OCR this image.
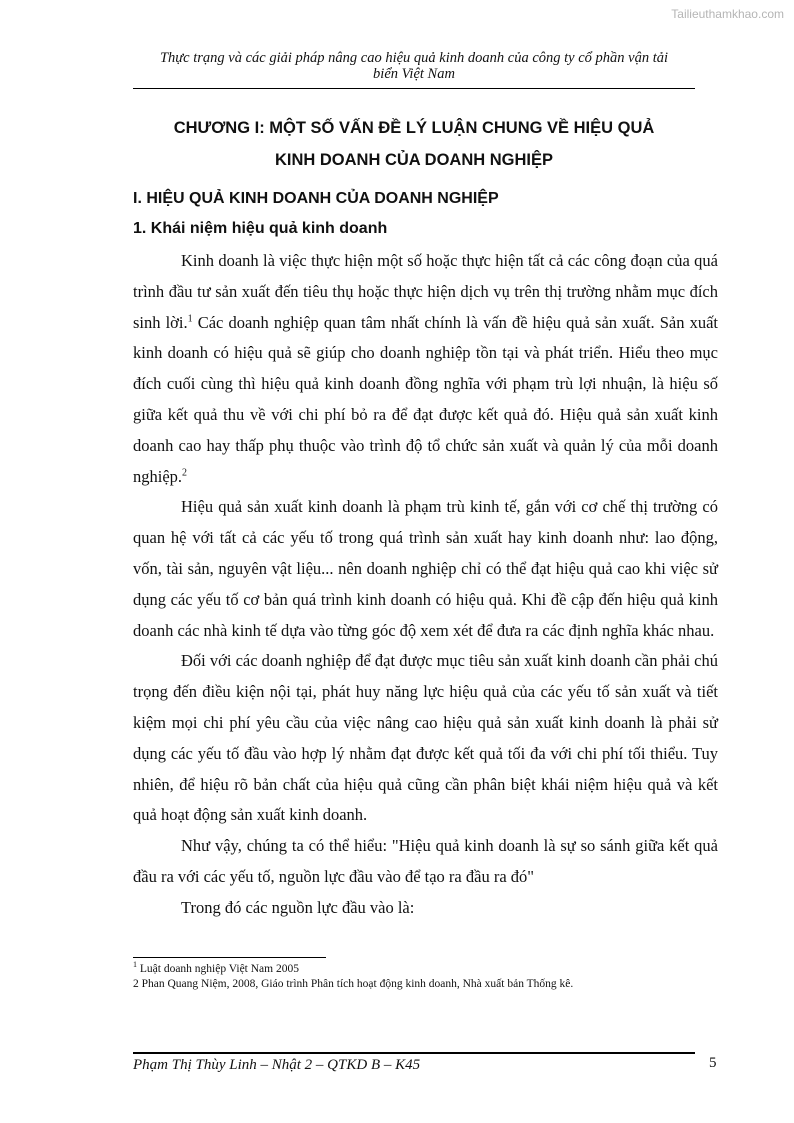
Tailieuthamkhao.com
Thực trạng và các giải pháp nâng cao hiệu quả kinh doanh của công ty cổ phần vận tải
biển Việt Nam
CHƯƠNG I: MỘT SỐ VẤN ĐỀ LÝ LUẬN CHUNG VỀ HIỆU QUẢ
KINH DOANH CỦA DOANH NGHIỆP
I. HIỆU QUẢ KINH DOANH CỦA DOANH NGHIỆP
1. Khái niệm hiệu quả kinh doanh

Kinh doanh là việc thực hiện một số hoặc thực hiện tất cả các công đoạn của quá trình đầu tư sản xuất đến tiêu thụ hoặc thực hiện dịch vụ trên thị trường nhằm mục đích sinh lời.$^1$ Các doanh nghiệp quan tâm nhất chính là vấn đề hiệu quả sản xuất. Sản xuất kinh doanh có hiệu quả sẽ giúp cho doanh nghiệp tồn tại và phát triển. Hiểu theo mục đích cuối cùng thì hiệu quả kinh doanh đồng nghĩa với phạm trù lợi nhuận, là hiệu số giữa kết quả thu về với chi phí bỏ ra để đạt được kết quả đó. Hiệu quả sản xuất kinh doanh cao hay thấp phụ thuộc vào trình độ tổ chức sản xuất và quản lý của mỗi doanh nghiệp.$^2$

Hiệu quả sản xuất kinh doanh là phạm trù kinh tế, gắn với cơ chế thị trường có quan hệ với tất cả các yếu tố trong quá trình sản xuất hay kinh doanh như: lao động, vốn, tài sản, nguyên vật liệu... nên doanh nghiệp chỉ có thể đạt hiệu quả cao khi việc sử dụng các yếu tố cơ bản quá trình kinh doanh có hiệu quả. Khi đề cập đến hiệu quả kinh doanh các nhà kinh tế dựa vào từng góc độ xem xét để đưa ra các định nghĩa khác nhau.

Đối với các doanh nghiệp để đạt được mục tiêu sản xuất kinh doanh cần phải chú trọng đến điều kiện nội tại, phát huy năng lực hiệu quả của các yếu tố sản xuất và tiết kiệm mọi chi phí yêu cầu của việc nâng cao hiệu quả sản xuất kinh doanh là phải sử dụng các yếu tố đầu vào hợp lý nhằm đạt được kết quả tối đa với chi phí tối thiểu. Tuy nhiên, để hiệu rõ bản chất của hiệu quả cũng cần phân biệt khái niệm hiệu quả và kết quả hoạt động sản xuất kinh doanh.

Như vậy, chúng ta có thể hiểu: "Hiệu quả kinh doanh là sự so sánh giữa kết quả đầu ra với các yếu tố, nguồn lực đầu vào để tạo ra đầu ra đó"

Trong đó các nguồn lực đầu vào là:

$^1$ Luật doanh nghiệp Việt Nam 2005
2 Phan Quang Niệm, 2008, Giáo trình Phân tích hoạt động kinh doanh, Nhà xuất bản Thống kê.
Phạm Thị Thùy Linh – Nhật 2 – QTKD B – K45	5
